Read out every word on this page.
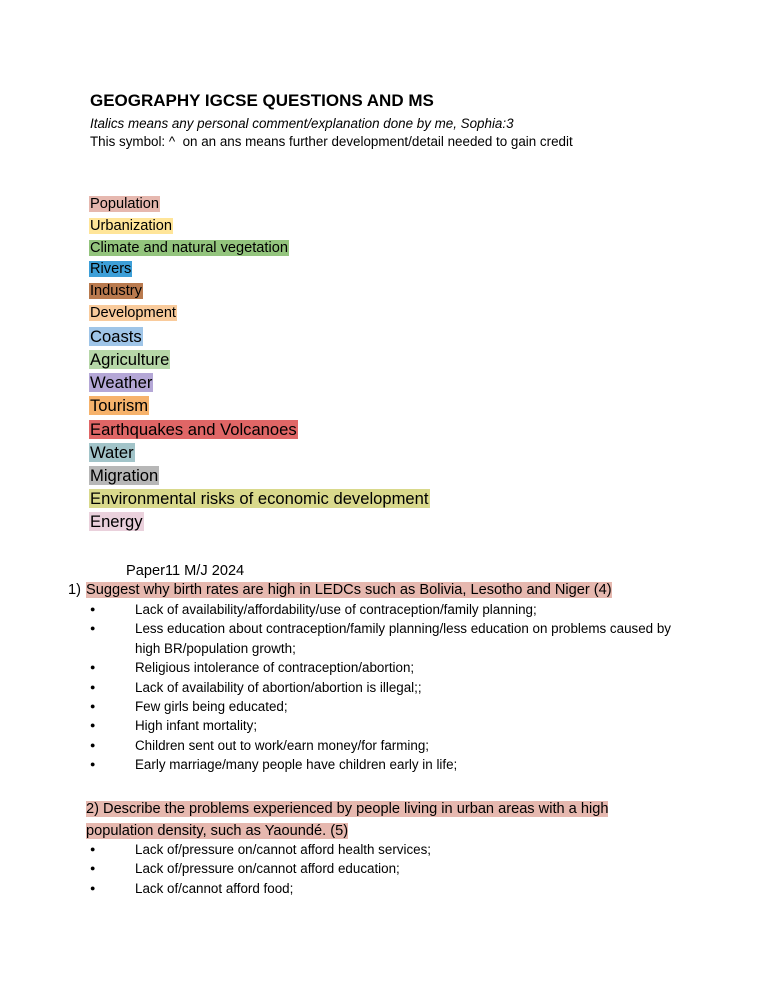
GEOGRAPHY IGCSE QUESTIONS AND MS
Italics means any personal comment/explanation done by me, Sophia:3
This symbol: ^  on an ans means further development/detail needed to gain credit
Population
Urbanization
Climate and natural vegetation
Rivers
Industry
Development
Coasts
Agriculture
Weather
Tourism
Earthquakes and Volcanoes
Water
Migration
Environmental risks of economic development
Energy
Paper11 M/J 2024
1) Suggest why birth rates are high in LEDCs such as Bolivia, Lesotho and Niger (4)
● Lack of availability/affordability/use of contraception/family planning;
● Less education about contraception/family planning/less education on problems caused by high BR/population growth;
● Religious intolerance of contraception/abortion;
● Lack of availability of abortion/abortion is illegal;;
● Few girls being educated;
● High infant mortality;
● Children sent out to work/earn money/for farming;
● Early marriage/many people have children early in life;
2) Describe the problems experienced by people living in urban areas with a high population density, such as Yaoundé. (5)
● Lack of/pressure on/cannot afford health services;
● Lack of/pressure on/cannot afford education;
● Lack of/cannot afford food;
